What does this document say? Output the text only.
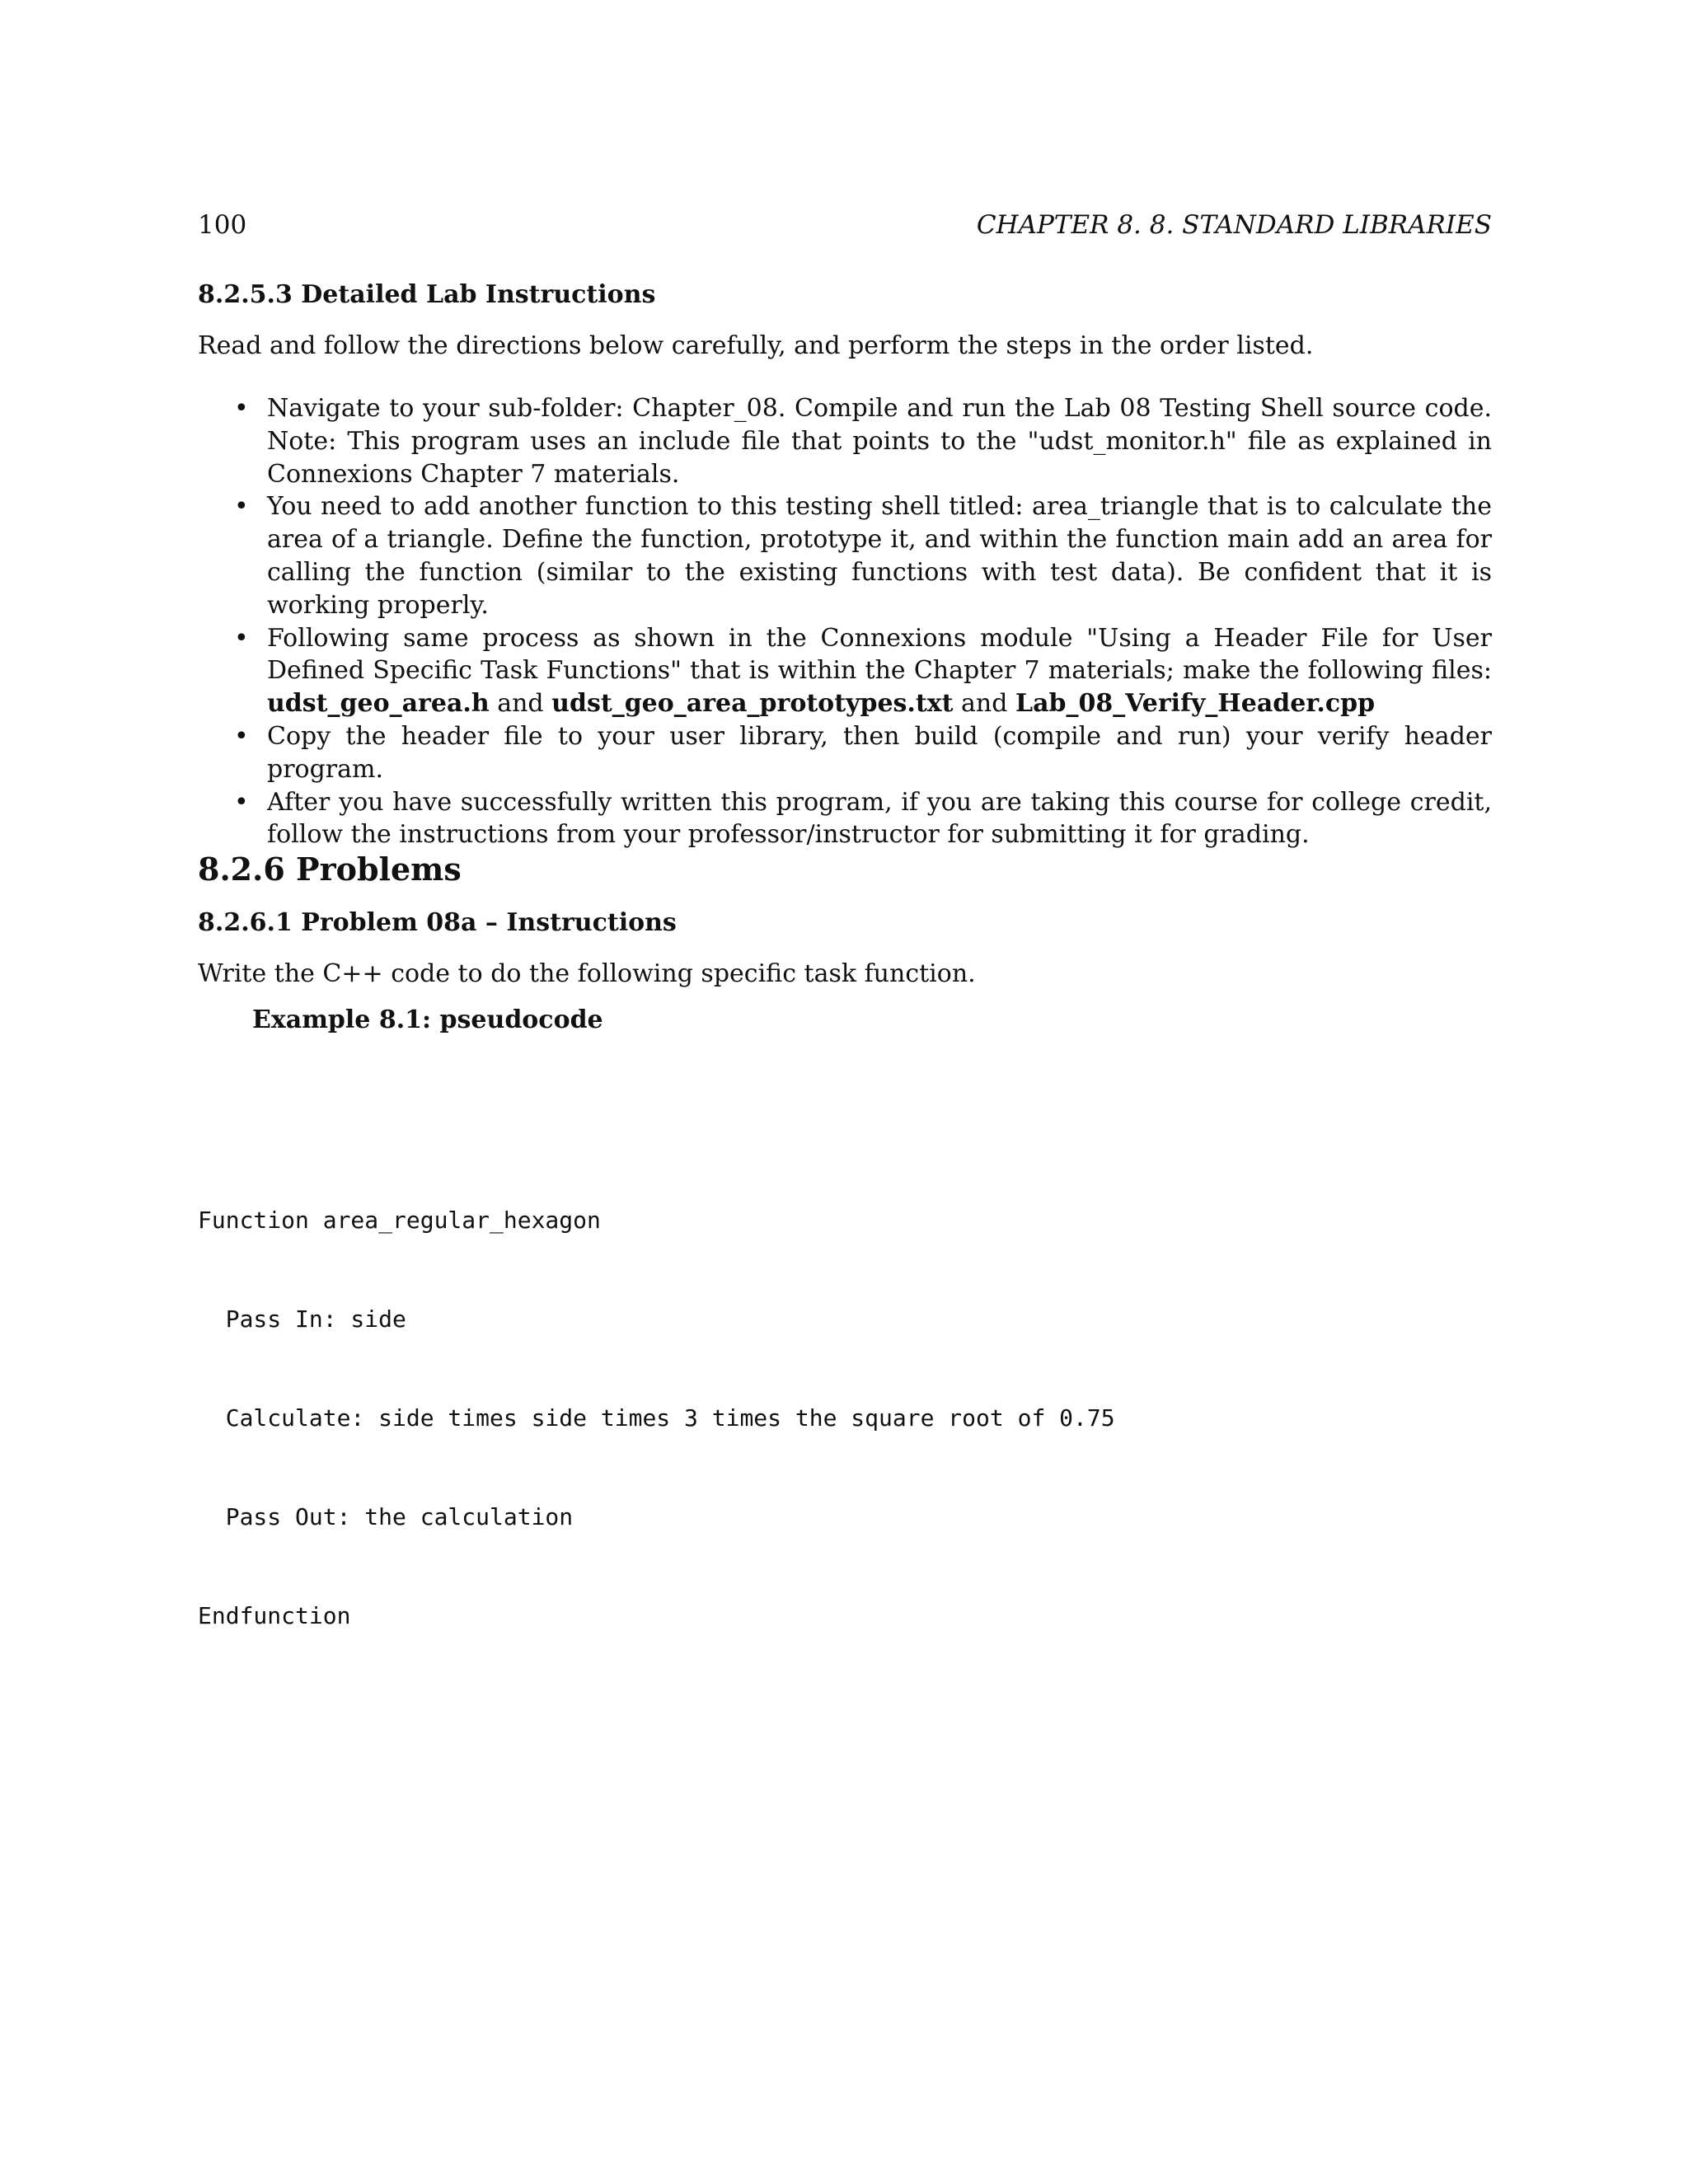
100	CHAPTER 8. 8. STANDARD LIBRARIES
8.2.5.3 Detailed Lab Instructions
Read and follow the directions below carefully, and perform the steps in the order listed.
• Navigate to your sub-folder: Chapter_08. Compile and run the Lab 08 Testing Shell source code. Note: This program uses an include file that points to the "udst_monitor.h" file as explained in Connexions Chapter 7 materials.
• You need to add another function to this testing shell titled: area_triangle that is to calculate the area of a triangle. Define the function, prototype it, and within the function main add an area for calling the function (similar to the existing functions with test data). Be confident that it is working properly.
• Following same process as shown in the Connexions module "Using a Header File for User Defined Specific Task Functions" that is within the Chapter 7 materials; make the following files: udst_geo_area.h and udst_geo_area_prototypes.txt and Lab_08_Verify_Header.cpp
• Copy the header file to your user library, then build (compile and run) your verify header program.
• After you have successfully written this program, if you are taking this course for college credit, follow the instructions from your professor/instructor for submitting it for grading.
8.2.6 Problems
8.2.6.1 Problem 08a – Instructions
Write the C++ code to do the following specific task function.
Example 8.1: pseudocode

Function area_regular_hexagon

Pass In: side

Calculate: side times side times 3 times the square root of 0.75

Pass Out: the calculation

Endfunction
